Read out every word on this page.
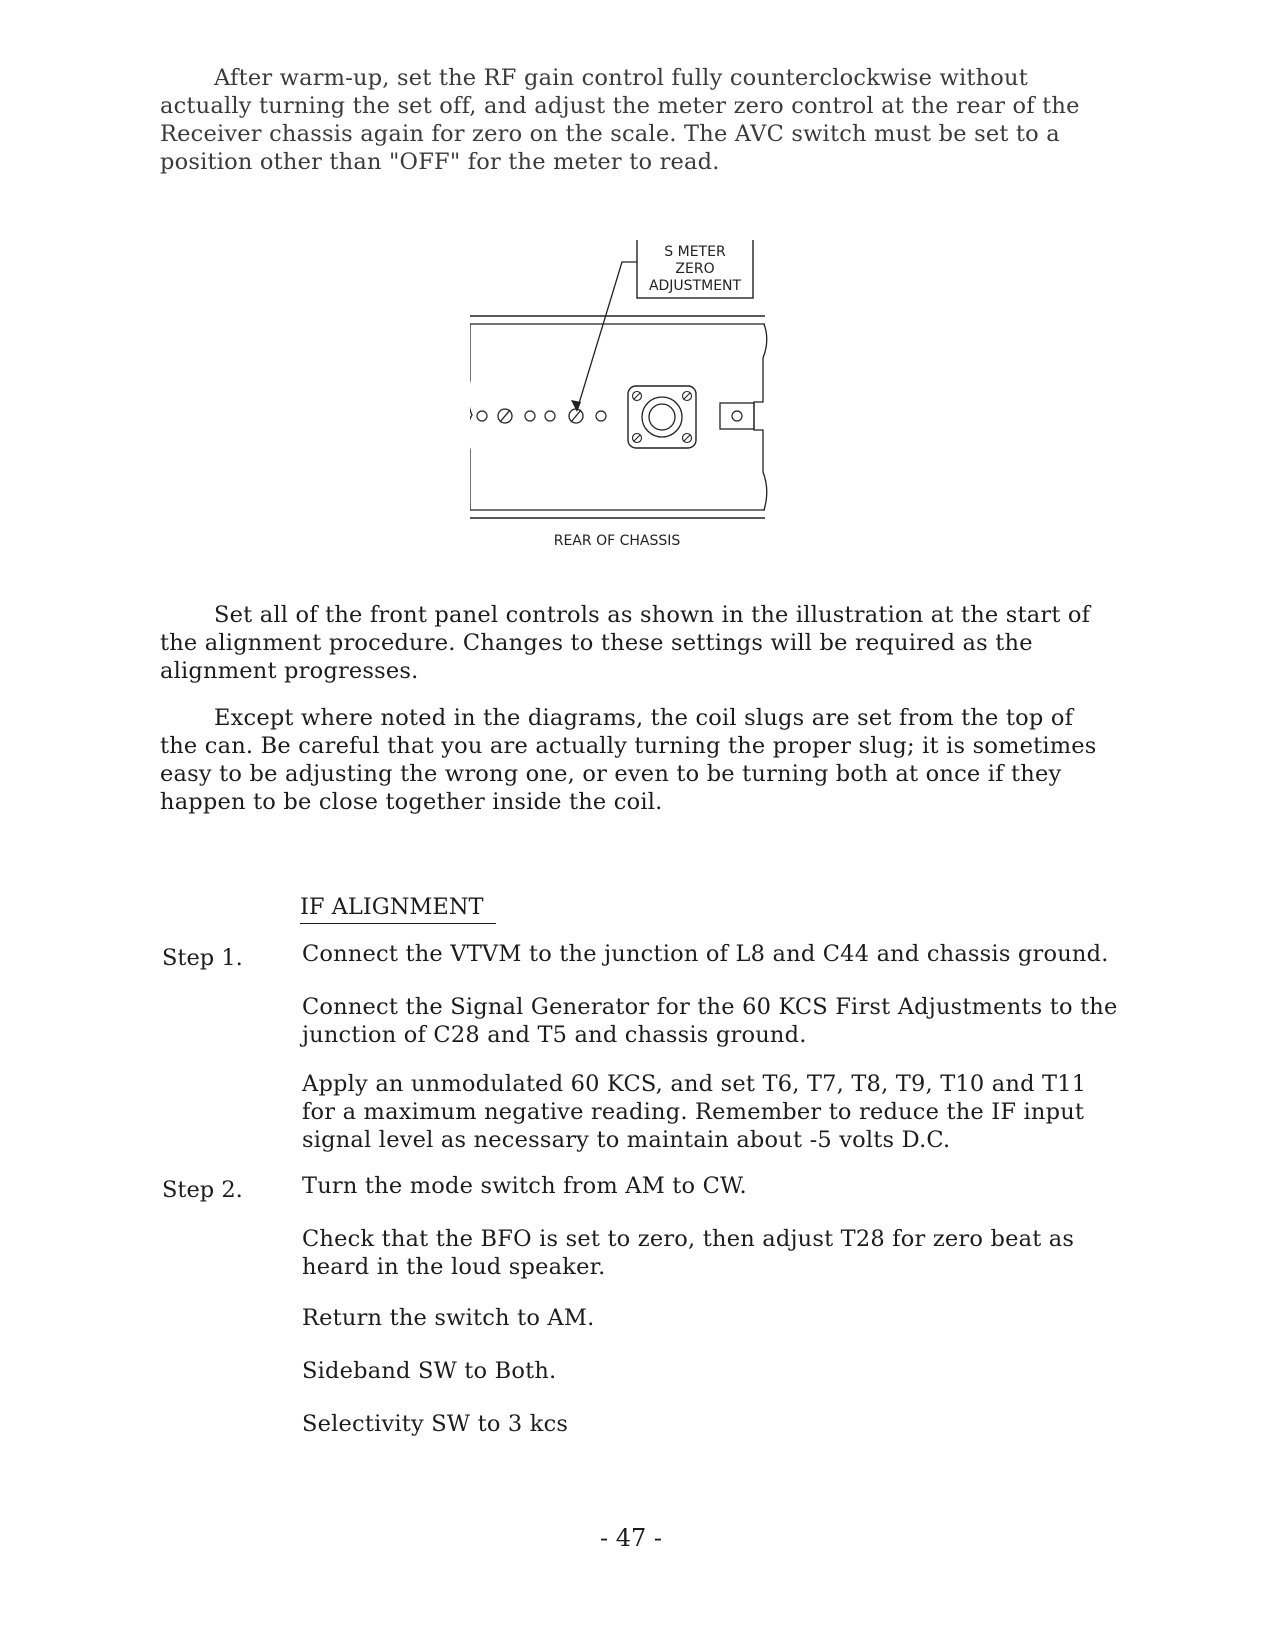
After warm-up, set the RF gain control fully counterclockwise without actually turning the set off, and adjust the meter zero control at the rear of the Receiver chassis again for zero on the scale. The AVC switch must be set to a position other than "OFF" for the meter to read.

S METER
ZERO
ADJUSTMENT
REAR OF CHASSIS

Set all of the front panel controls as shown in the illustration at the start of the alignment procedure. Changes to these settings will be required as the alignment progresses.

Except where noted in the diagrams, the coil slugs are set from the top of the can. Be careful that you are actually turning the proper slug; it is sometimes easy to be adjusting the wrong one, or even to be turning both at once if they happen to be close together inside the coil.

IF ALIGNMENT
Step 1.	Connect the VTVM to the junction of L8 and C44 and chassis ground.

Connect the Signal Generator for the 60 KCS First Adjustments to the junction of C28 and T5 and chassis ground.

Apply an unmodulated 60 KCS, and set T6, T7, T8, T9, T10 and T11 for a maximum negative reading. Remember to reduce the IF input signal level as necessary to maintain about -5 volts D.C.

Step 2.	Turn the mode switch from AM to CW.

Check that the BFO is set to zero, then adjust T28 for zero beat as heard in the loud speaker.

Return the switch to AM.

Sideband SW to Both.

Selectivity SW to 3 kcs

- 47 -
